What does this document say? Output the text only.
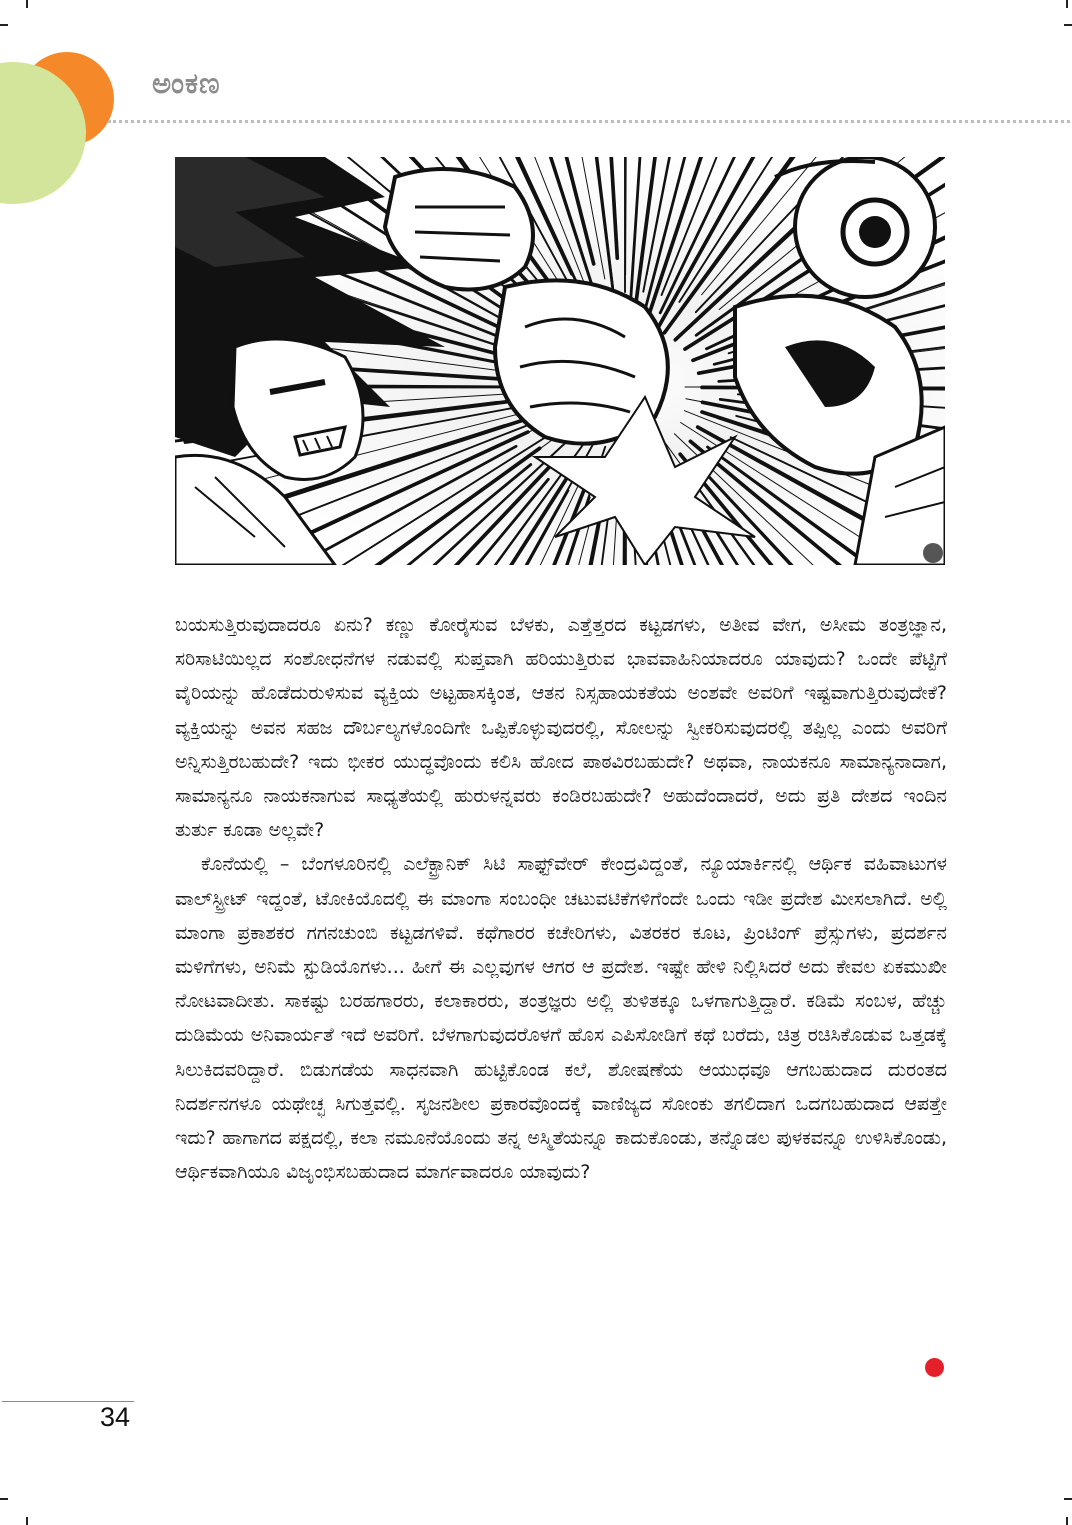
ಅಂಕಣ

ಬಯಸುತ್ತಿರುವುದಾದರೂ ಏನು? ಕಣ್ಣು ಕೋರೈಸುವ ಬೆಳಕು, ಎತ್ತೆತ್ತರದ ಕಟ್ಟಡಗಳು, ಅತೀವ ವೇಗ, ಅಸೀಮ ತಂತ್ರಜ್ಞಾನ, ಸರಿಸಾಟಿಯಿಲ್ಲದ ಸಂಶೋಧನೆಗಳ ನಡುವಲ್ಲಿ ಸುಪ್ತವಾಗಿ ಹರಿಯುತ್ತಿರುವ ಭಾವವಾಹಿನಿಯಾದರೂ ಯಾವುದು? ಒಂದೇ ಪೆಟ್ಟಿಗೆ ವೈರಿಯನ್ನು ಹೊಡೆದುರುಳಿಸುವ ವ್ಯಕ್ತಿಯ ಅಟ್ಟಹಾಸಕ್ಕಿಂತ, ಆತನ ನಿಸ್ಸಹಾಯಕತೆಯ ಅಂಶವೇ ಅವರಿಗೆ ಇಷ್ಟವಾಗುತ್ತಿರುವುದೇಕೆ? ವ್ಯಕ್ತಿಯನ್ನು ಅವನ ಸಹಜ ದೌರ್ಬಲ್ಯಗಳೊಂದಿಗೇ ಒಪ್ಪಿಕೊಳ್ಳುವುದರಲ್ಲಿ, ಸೋಲನ್ನು ಸ್ವೀಕರಿಸುವುದರಲ್ಲಿ ತಪ್ಪಿಲ್ಲ ಎಂದು ಅವರಿಗೆ ಅನ್ನಿಸುತ್ತಿರಬಹುದೇ? ಇದು ಭೀಕರ ಯುದ್ಧವೊಂದು ಕಲಿಸಿ ಹೋದ ಪಾಠವಿರಬಹುದೇ? ಅಥವಾ, ನಾಯಕನೂ ಸಾಮಾನ್ಯನಾದಾಗ, ಸಾಮಾನ್ಯನೂ ನಾಯಕನಾಗುವ ಸಾಧ್ಯತೆಯಲ್ಲಿ ಹುರುಳನ್ನವರು ಕಂಡಿರಬಹುದೇ? ಅಹುದೆಂದಾದರೆ, ಅದು ಪ್ರತಿ ದೇಶದ ಇಂದಿನ ತುರ್ತು ಕೂಡಾ ಅಲ್ಲವೇ?

ಕೊನೆಯಲ್ಲಿ – ಬೆಂಗಳೂರಿನಲ್ಲಿ ಎಲೆಕ್ಟ್ರಾನಿಕ್ ಸಿಟಿ ಸಾಫ್ಟ್‌ವೇರ್ ಕೇಂದ್ರವಿದ್ದಂತೆ, ನ್ಯೂಯಾರ್ಕಿನಲ್ಲಿ ಆರ್ಥಿಕ ವಹಿವಾಟುಗಳ ವಾಲ್‌ಸ್ಟ್ರೀಟ್ ಇದ್ದಂತೆ, ಟೋಕಿಯೊದಲ್ಲಿ ಈ ಮಾಂಗಾ ಸಂಬಂಧೀ ಚಟುವಟಿಕೆಗಳಿಗೆಂದೇ ಒಂದು ಇಡೀ ಪ್ರದೇಶ ಮೀಸಲಾಗಿದೆ. ಅಲ್ಲಿ ಮಾಂಗಾ ಪ್ರಕಾಶಕರ ಗಗನಚುಂಬಿ ಕಟ್ಟಡಗಳಿವೆ. ಕಥೆಗಾರರ ಕಚೇರಿಗಳು, ವಿತರಕರ ಕೂಟ, ಪ್ರಿಂಟಿಂಗ್ ಪ್ರೆಸ್ಸುಗಳು, ಪ್ರದರ್ಶನ ಮಳಿಗೆಗಳು, ಅನಿಮೆ ಸ್ಟುಡಿಯೊಗಳು... ಹೀಗೆ ಈ ಎಲ್ಲವುಗಳ ಆಗರ ಆ ಪ್ರದೇಶ. ಇಷ್ಟೇ ಹೇಳಿ ನಿಲ್ಲಿಸಿದರೆ ಅದು ಕೇವಲ ಏಕಮುಖೀ ನೋಟವಾದೀತು. ಸಾಕಷ್ಟು ಬರಹಗಾರರು, ಕಲಾಕಾರರು, ತಂತ್ರಜ್ಞರು ಅಲ್ಲಿ ತುಳಿತಕ್ಕೂ ಒಳಗಾಗುತ್ತಿದ್ದಾರೆ. ಕಡಿಮೆ ಸಂಬಳ, ಹೆಚ್ಚು ದುಡಿಮೆಯ ಅನಿವಾರ್ಯತೆ ಇದೆ ಅವರಿಗೆ. ಬೆಳಗಾಗುವುದರೊಳಗೆ ಹೊಸ ಎಪಿಸೋಡಿಗೆ ಕಥೆ ಬರೆದು, ಚಿತ್ರ ರಚಿಸಿಕೊಡುವ ಒತ್ತಡಕ್ಕೆ ಸಿಲುಕಿದವರಿದ್ದಾರೆ. ಬಿಡುಗಡೆಯ ಸಾಧನವಾಗಿ ಹುಟ್ಟಿಕೊಂಡ ಕಲೆ, ಶೋಷಣೆಯ ಆಯುಧವೂ ಆಗಬಹುದಾದ ದುರಂತದ ನಿದರ್ಶನಗಳೂ ಯಥೇಚ್ಛ ಸಿಗುತ್ತವಲ್ಲಿ. ಸೃಜನಶೀಲ ಪ್ರಕಾರವೊಂದಕ್ಕೆ ವಾಣಿಜ್ಯದ ಸೋಂಕು ತಗಲಿದಾಗ ಒದಗಬಹುದಾದ ಆಪತ್ತೇ ಇದು? ಹಾಗಾಗದ ಪಕ್ಷದಲ್ಲಿ, ಕಲಾ ನಮೂನೆಯೊಂದು ತನ್ನ ಅಸ್ಮಿತೆಯನ್ನೂ ಕಾದುಕೊಂಡು, ತನ್ನೊಡಲ ಪುಳಕವನ್ನೂ ಉಳಿಸಿಕೊಂಡು, ಆರ್ಥಿಕವಾಗಿಯೂ ವಿಜೃಂಭಿಸಬಹುದಾದ ಮಾರ್ಗವಾದರೂ ಯಾವುದು?

34
